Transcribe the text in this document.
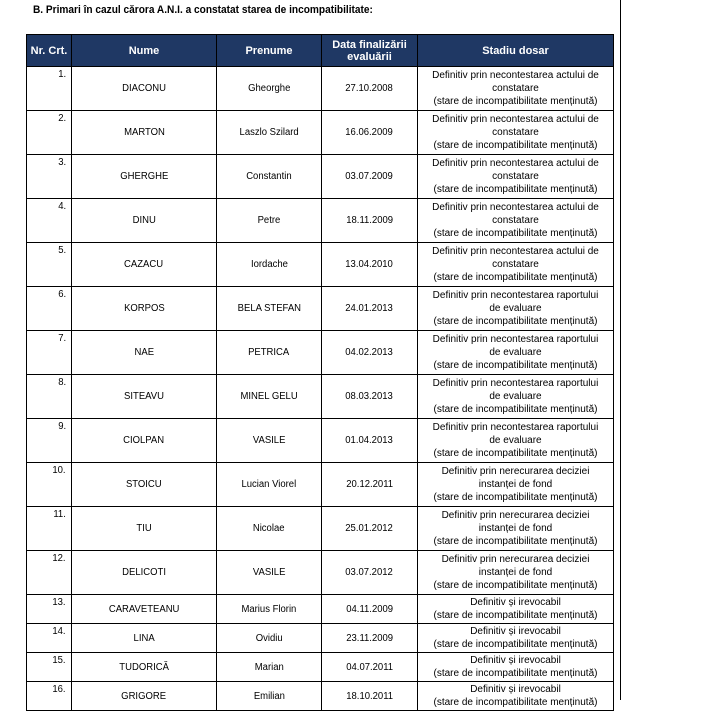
B. Primari în cazul cărora A.N.I. a constatat starea de incompatibilitate:
Nr. Crt.	Nume	Prenume	Data finalizării evaluării	Stadiu dosar
1.	DIACONU	Gheorghe	27.10.2008	Definitiv prin necontestarea actului de
constatare
(stare de incompatibilitate menținută)

2.	MARTON	Laszlo Szilard	16.06.2009	Definitiv prin necontestarea actului de
constatare
(stare de incompatibilitate menținută)

3.	GHERGHE	Constantin	03.07.2009	Definitiv prin necontestarea actului de
constatare
(stare de incompatibilitate menținută)

4.	DINU	Petre	18.11.2009	Definitiv prin necontestarea actului de
constatare
(stare de incompatibilitate menținută)

5.	CAZACU	Iordache	13.04.2010	Definitiv prin necontestarea actului de
constatare
(stare de incompatibilitate menținută)

6.	KORPOS	BELA STEFAN	24.01.2013	Definitiv prin necontestarea raportului
de evaluare
(stare de incompatibilitate menținută)

7.	NAE	PETRICA	04.02.2013	Definitiv prin necontestarea raportului
de evaluare
(stare de incompatibilitate menținută)

8.	SITEAVU	MINEL GELU	08.03.2013	Definitiv prin necontestarea raportului
de evaluare
(stare de incompatibilitate menținută)

9.	CIOLPAN	VASILE	01.04.2013	Definitiv prin necontestarea raportului
de evaluare
(stare de incompatibilitate menținută)

10.	STOICU	Lucian Viorel	20.12.2011	Definitiv prin nerecurarea deciziei
instanței de fond
(stare de incompatibilitate menținută)

11.	TIU	Nicolae	25.01.2012	Definitiv prin nerecurarea deciziei
instanței de fond
(stare de incompatibilitate menținută)

12.	DELICOTI	VASILE	03.07.2012	Definitiv prin nerecurarea deciziei
instanței de fond
(stare de incompatibilitate menținută)

13.	CARAVETEANU	Marius Florin	04.11.2009	Definitiv și irevocabil
(stare de incompatibilitate menținută)

14.	LINA	Ovidiu	23.11.2009	Definitiv și irevocabil
(stare de incompatibilitate menținută)

15.	TUDORICĂ	Marian	04.07.2011	Definitiv și irevocabil
(stare de incompatibilitate menținută)

16.	GRIGORE	Emilian	18.10.2011	Definitiv și irevocabil
(stare de incompatibilitate menținută)
